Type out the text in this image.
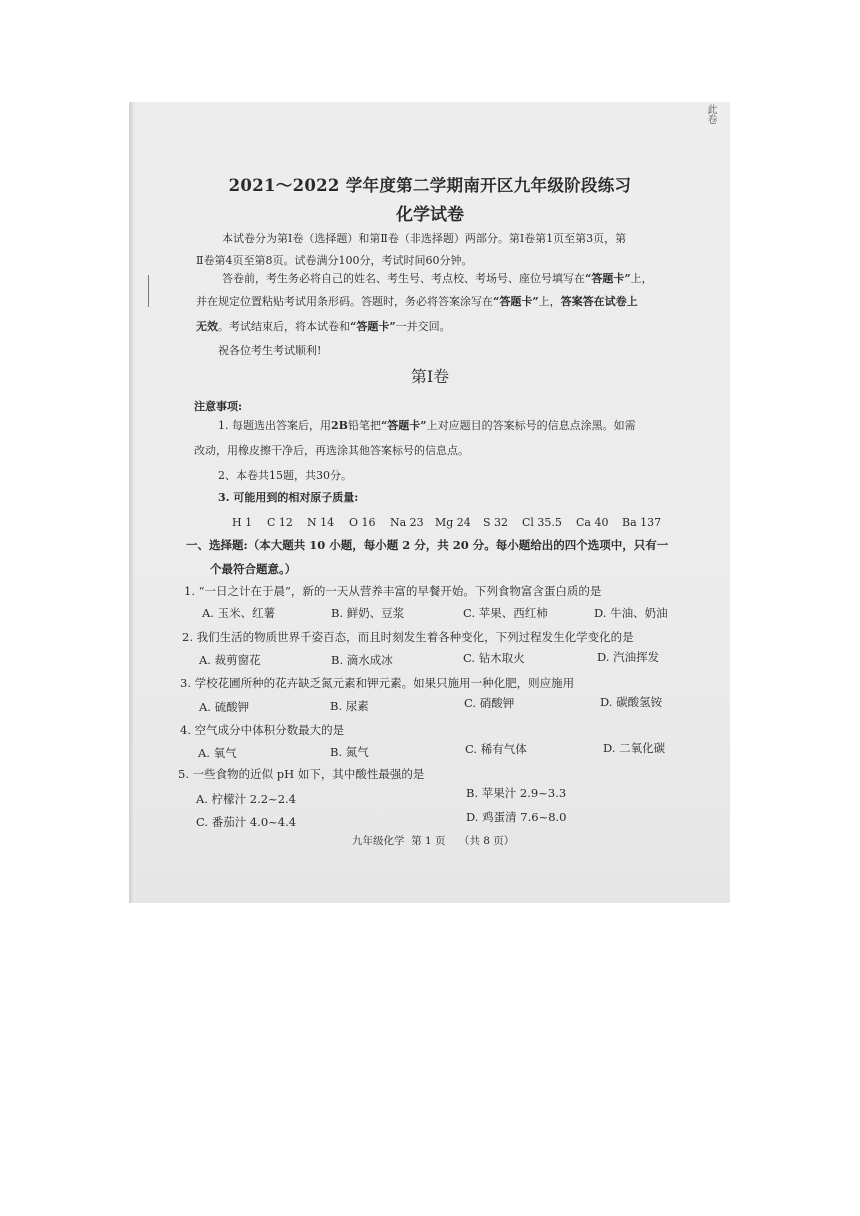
此卷
2021～2022 学年度第二学期南开区九年级阶段练习
化学试卷
本试卷分为第Ⅰ卷（选择题）和第Ⅱ卷（非选择题）两部分。第Ⅰ卷第1页至第3页，第
Ⅱ卷第4页至第8页。试卷满分100分，考试时间60分钟。
答卷前，考生务必将自己的姓名、考生号、考点校、考场号、座位号填写在“答题卡”上，
并在规定位置粘贴考试用条形码。答题时，务必将答案涂写在“答题卡”上，答案答在试卷上
无效。考试结束后，将本试卷和“答题卡”一并交回。
祝各位考生考试顺利!
第Ⅰ卷
注意事项:
1. 每题选出答案后，用2B铅笔把“答题卡”上对应题目的答案标号的信息点涂黑。如需
改动，用橡皮擦干净后，再选涂其他答案标号的信息点。
2、本卷共15题，共30分。
3. 可能用到的相对原子质量:
H 1 C 12 N 14 O 16 Na 23 Mg 24 S 32 Cl 35.5 Ca 40 Ba 137
一、选择题:（本大题共 10 小题，每小题 2 分，共 20 分。每小题给出的四个选项中，只有一
个最符合题意。）
1. “一日之计在于晨”，新的一天从营养丰富的早餐开始。下列食物富含蛋白质的是
A. 玉米、红薯	B. 鲜奶、豆浆	C. 苹果、西红柿	D. 牛油、奶油
2. 我们生活的物质世界千姿百态，而且时刻发生着各种变化，下列过程发生化学变化的是
A. 裁剪窗花	B. 滴水成冰	C. 钻木取火	D. 汽油挥发
3. 学校花圃所种的花卉缺乏氮元素和钾元素。如果只施用一种化肥，则应施用
A. 硫酸钾	B. 尿素	C. 硝酸钾	D. 碳酸氢铵
4. 空气成分中体积分数最大的是
A. 氧气	B. 氮气	C. 稀有气体	D. 二氧化碳
5. 一些食物的近似 pH 如下，其中酸性最强的是
A. 柠檬汁 2.2~2.4	B. 苹果汁 2.9~3.3
C. 番茄汁 4.0~4.4	D. 鸡蛋清 7.6~8.0
九年级化学 第 1 页 （共 8 页）
